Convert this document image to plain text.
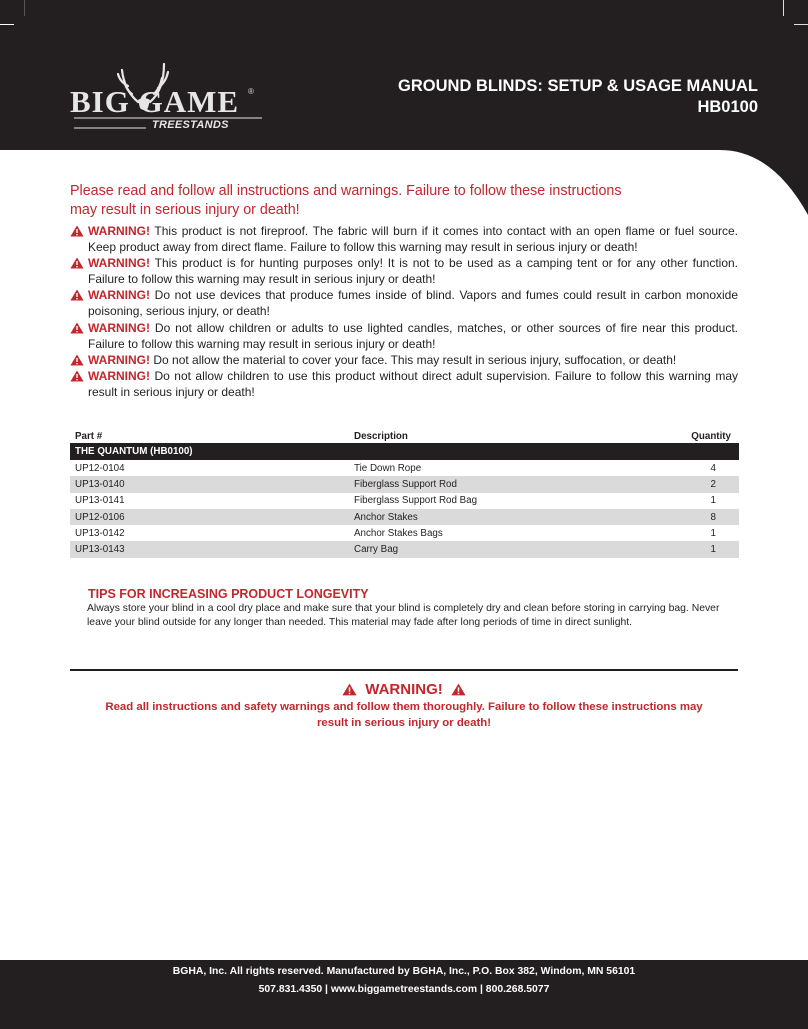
BIG GAME ®
TREESTANDS
GROUND BLINDS: SETUP & USAGE MANUAL
HB0100
Please read and follow all instructions and warnings. Failure to follow these instructions may result in serious injury or death!
WARNING! This product is not fireproof. The fabric will burn if it comes into contact with an open flame or fuel source. Keep product away from direct flame. Failure to follow this warning may result in serious injury or death!
WARNING! This product is for hunting purposes only! It is not to be used as a camping tent or for any other function. Failure to follow this warning may result in serious injury or death!
WARNING! Do not use devices that produce fumes inside of blind. Vapors and fumes could result in carbon monoxide poisoning, serious injury, or death!
WARNING! Do not allow children or adults to use lighted candles, matches, or other sources of fire near this product. Failure to follow this warning may result in serious injury or death!
WARNING! Do not allow the material to cover your face. This may result in serious injury, suffocation, or death!
WARNING! Do not allow children to use this product without direct adult supervision. Failure to follow this warning may result in serious injury or death!
Part #	Description	Quantity
THE QUANTUM (HB0100)
UP12-0104	Tie Down Rope	4
UP13-0140	Fiberglass Support Rod	2
UP13-0141	Fiberglass Support Rod Bag	1
UP12-0106	Anchor Stakes	8
UP13-0142	Anchor Stakes Bags	1
UP13-0143	Carry Bag	1
TIPS FOR INCREASING PRODUCT LONGEVITY
Always store your blind in a cool dry place and make sure that your blind is completely dry and clean before storing in carrying bag. Never leave your blind outside for any longer than needed. This material may fade after long periods of time in direct sunlight.
WARNING!
Read all instructions and safety warnings and follow them thoroughly. Failure to follow these instructions may
result in serious injury or death!
BGHA, Inc. All rights reserved. Manufactured by BGHA, Inc., P.O. Box 382, Windom, MN 56101
507.831.4350 | www.biggametreestands.com | 800.268.5077
